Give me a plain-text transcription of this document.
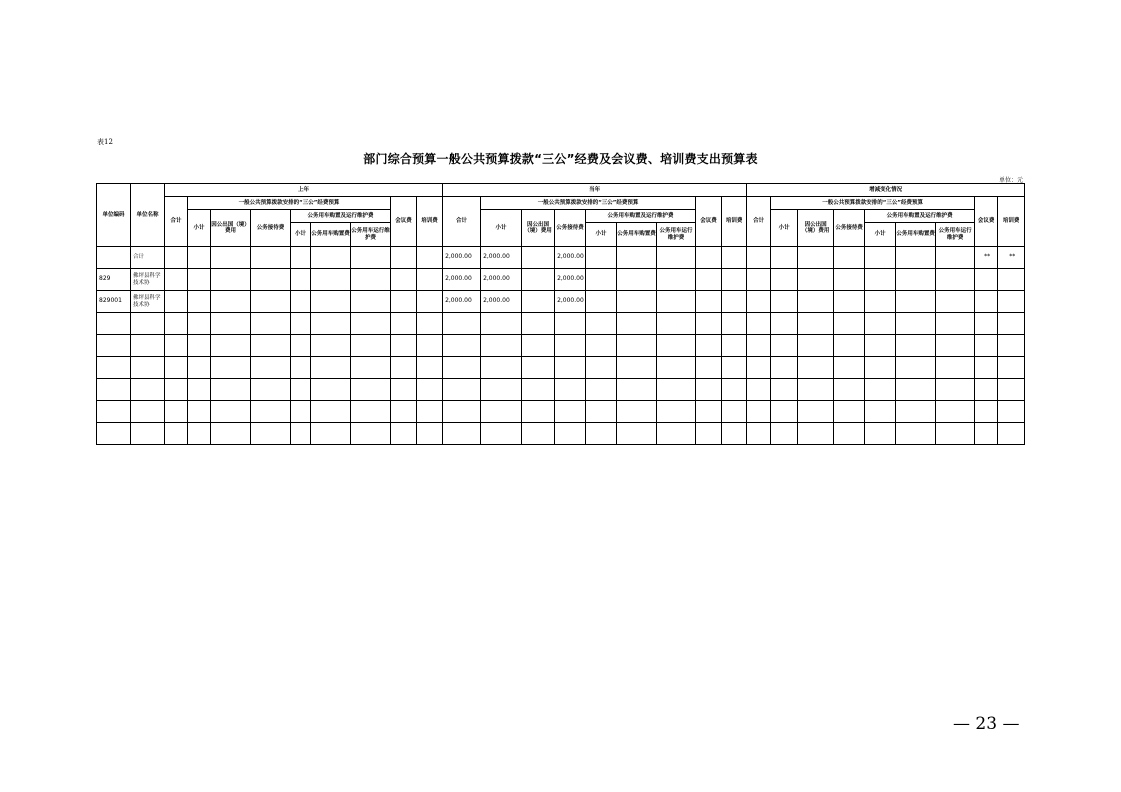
表12
部门综合预算一般公共预算拨款“三公”经费及会议费、培训费支出预算表
单位：元
单位编码	单位名称	上年									当年									增减变化情况								
		合计	一般公共预算拨款安排的“三公”经费预算						会议费	培训费	合计	一般公共预算拨款安排的“三公”经费预算						会议费	培训费	合计	一般公共预算拨款安排的“三公”经费预算						会议费	培训费
			小计	因公出国（境）费用	公务接待费	公务用车购置及运行维护费						小计	因公出国（境）费用	公务接待费	公务用车购置及运行维护费						小计	因公出国（境）费用	公务接待费	公务用车购置及运行维护费				
						小计	公务用车购置费	公务用车运行维护费							小计	公务用车购置费	公务用车运行维护费							小计	公务用车购置费	公务用车运行维护费		
	合计										2,000.00	2,000.00		2,000.00													**	**
829	佛坪县科学技术协										2,000.00	2,000.00		2,000.00														
829001	佛坪县科学技术协										2,000.00	2,000.00		2,000.00														

— 23 —
